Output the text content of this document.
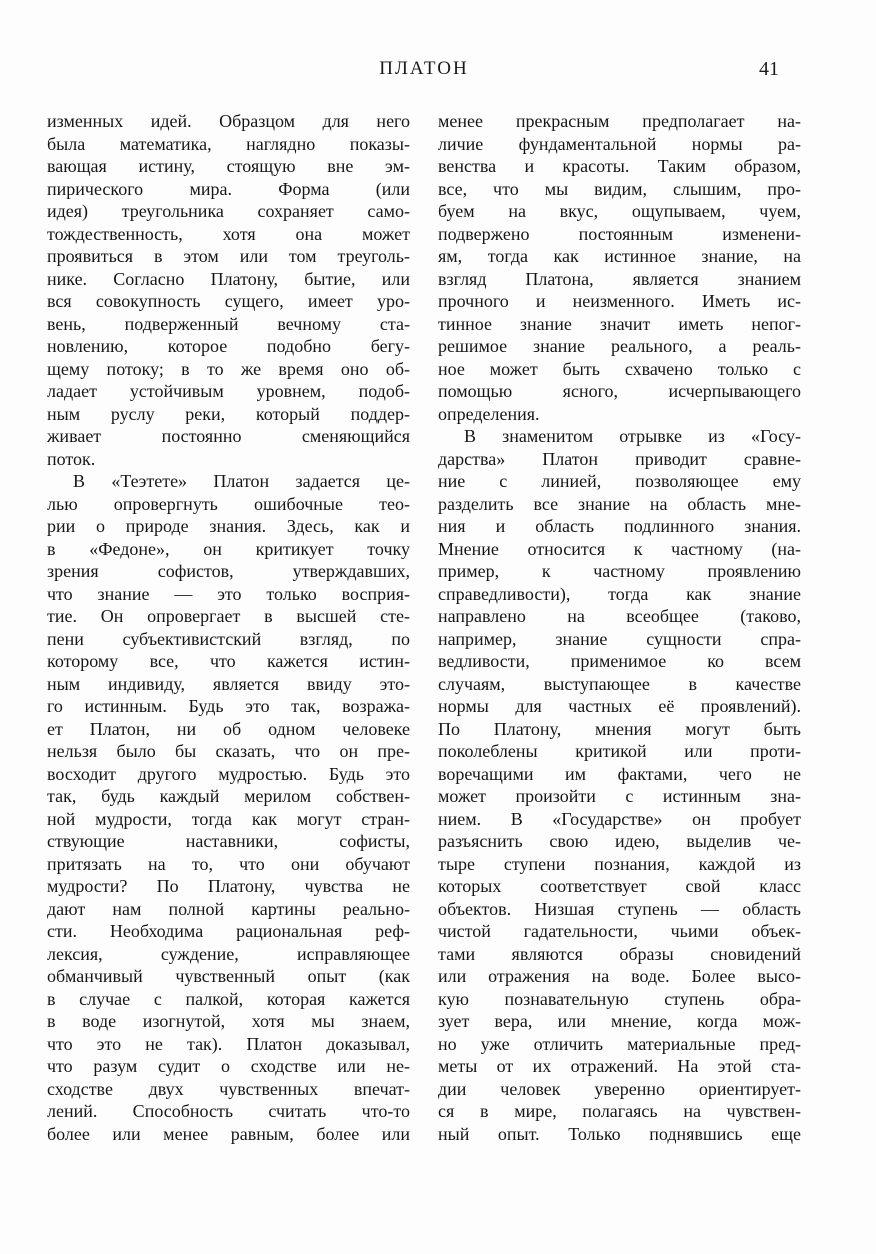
ПЛАТОН	41
изменных идей. Образцом для него
была математика, наглядно показы-
вающая истину, стоящую вне эм-
пирического мира. Форма (или
идея) треугольника сохраняет само-
тождественность, хотя она может
проявиться в этом или том треуголь-
нике. Согласно Платону, бытие, или
вся совокупность сущего, имеет уро-
вень, подверженный вечному ста-
новлению, которое подобно бегу-
щему потоку; в то же время оно об-
ладает устойчивым уровнем, подоб-
ным руслу реки, который поддер-
живает постоянно сменяющийся
поток.
В «Теэтете» Платон задается це-
лью опровергнуть ошибочные тео-
рии о природе знания. Здесь, как и
в «Федоне», он критикует точку
зрения софистов, утверждавших,
что знание — это только восприя-
тие. Он опровергает в высшей сте-
пени субъективистский взгляд, по
которому все, что кажется истин-
ным индивиду, является ввиду это-
го истинным. Будь это так, возража-
ет Платон, ни об одном человеке
нельзя было бы сказать, что он пре-
восходит другого мудростью. Будь это
так, будь каждый мерилом собствен-
ной мудрости, тогда как могут стран-
ствующие наставники, софисты,
притязать на то, что они обучают
мудрости? По Платону, чувства не
дают нам полной картины реально-
сти. Необходима рациональная реф-
лексия, суждение, исправляющее
обманчивый чувственный опыт (как
в случае с палкой, которая кажется
в воде изогнутой, хотя мы знаем,
что это не так). Платон доказывал,
что разум судит о сходстве или не-
сходстве двух чувственных впечат-
лений. Способность считать что-то
более или менее равным, более или
менее прекрасным предполагает на-
личие фундаментальной нормы ра-
венства и красоты. Таким образом,
все, что мы видим, слышим, про-
буем на вкус, ощупываем, чуем,
подвержено постоянным изменени-
ям, тогда как истинное знание, на
взгляд Платона, является знанием
прочного и неизменного. Иметь ис-
тинное знание значит иметь непог-
решимое знание реального, а реаль-
ное может быть схвачено только с
помощью ясного, исчерпывающего
определения.
В знаменитом отрывке из «Госу-
дарства» Платон приводит сравне-
ние с линией, позволяющее ему
разделить все знание на область мне-
ния и область подлинного знания.
Мнение относится к частному (на-
пример, к частному проявлению
справедливости), тогда как знание
направлено на всеобщее (таково,
например, знание сущности спра-
ведливости, применимое ко всем
случаям, выступающее в качестве
нормы для частных её проявлений).
По Платону, мнения могут быть
поколеблены критикой или проти-
воречащими им фактами, чего не
может произойти с истинным зна-
нием. В «Государстве» он пробует
разъяснить свою идею, выделив че-
тыре ступени познания, каждой из
которых соответствует свой класс
объектов. Низшая ступень — область
чистой гадательности, чьими объек-
тами являются образы сновидений
или отражения на воде. Более высо-
кую познавательную ступень обра-
зует вера, или мнение, когда мож-
но уже отличить материальные пред-
меты от их отражений. На этой ста-
дии человек уверенно ориентирует-
ся в мире, полагаясь на чувствен-
ный опыт. Только поднявшись еще
